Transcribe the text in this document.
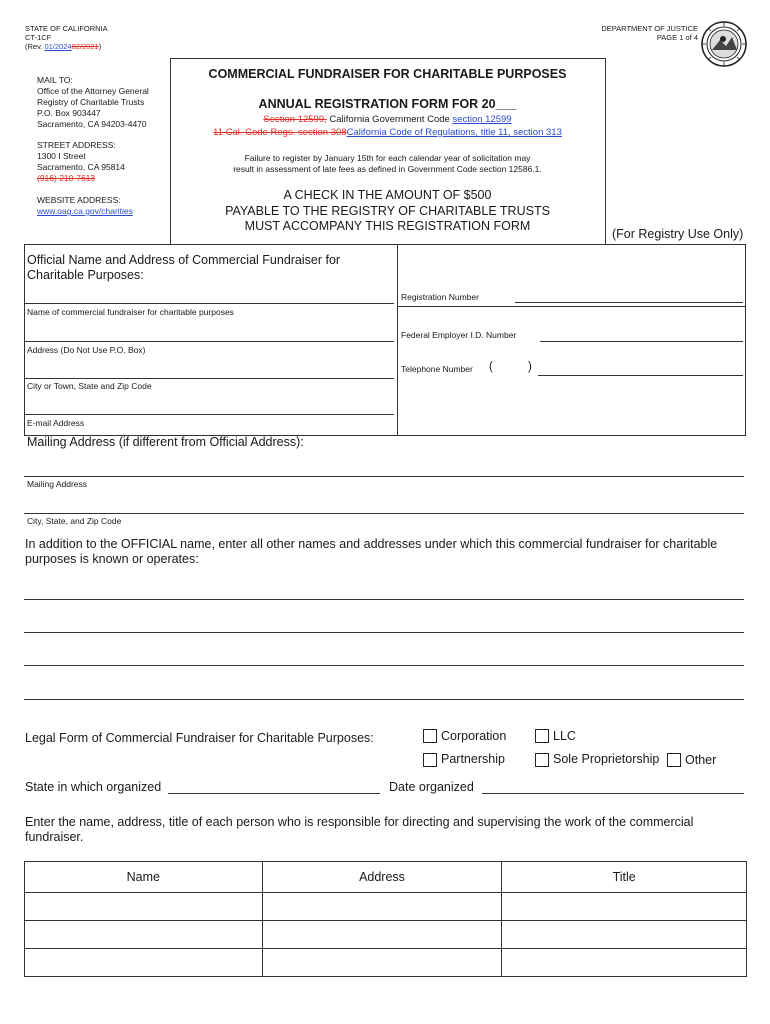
STATE OF CALIFORNIA
CT-1CF
(Rev. 01/202402/2021)
DEPARTMENT OF JUSTICE
PAGE 1 of 4
MAIL TO:
Office of the Attorney General
Registry of Charitable Trusts
P.O. Box 903447
Sacramento, CA 94203-4470
STREET ADDRESS:
1300 I Street
Sacramento, CA 95814
(916) 210-7613
WEBSITE ADDRESS:
www.oag.ca.gov/charities
COMMERCIAL FUNDRAISER FOR CHARITABLE PURPOSES
ANNUAL REGISTRATION FORM FOR 20___
Section 12599, California Government Code section 12599
11 Cal. Code Regs. section 308California Code of Regulations, title 11, section 313
Failure to register by January 15th for each calendar year of solicitation may
result in assessment of late fees as defined in Government Code section 12586.1.
A CHECK IN THE AMOUNT OF $500
PAYABLE TO THE REGISTRY OF CHARITABLE TRUSTS
MUST ACCOMPANY THIS REGISTRATION FORM
(For Registry Use Only)
Official Name and Address of Commercial Fundraiser for
Charitable Purposes:
Name of commercial fundraiser for charitable purposes
Address (Do Not Use P.O. Box)
City or Town, State and Zip Code
E-mail Address
Registration Number
Federal Employer I.D. Number
Telephone Number (	)
Mailing Address (if different from Official Address):
Mailing Address
City, State, and Zip Code
In addition to the OFFICIAL name, enter all other names and addresses under which this commercial fundraiser for charitable
purposes is known or operates:
Legal Form of Commercial Fundraiser for Charitable Purposes:	Corporation	LLC
Partnership	Sole Proprietorship Other
State in which organized	Date organized
Enter the name, address, title of each person who is responsible for directing and supervising the work of the commercial
fundraiser.
Name	Address	Title
